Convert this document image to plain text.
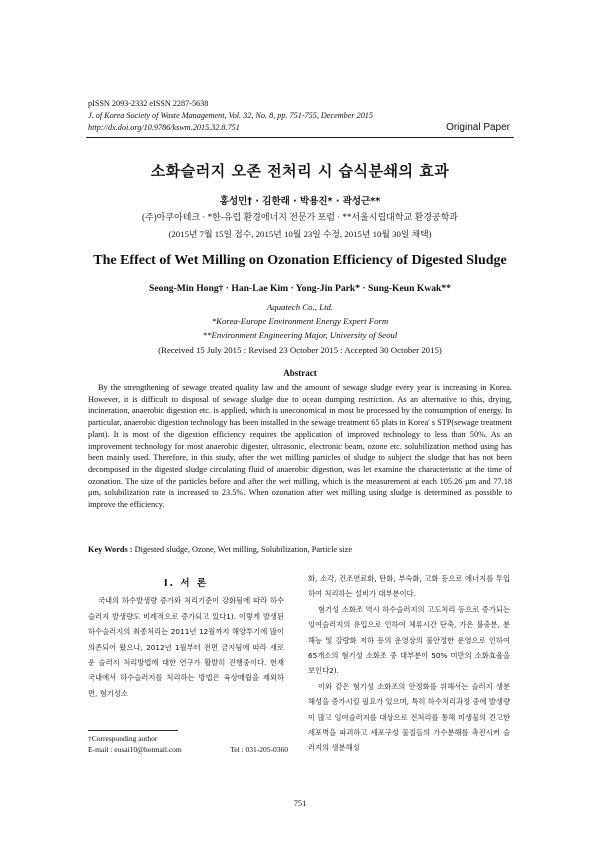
pISSN 2093-2332 eISSN 2287-5638
J. of Korea Society of Waste Management, Vol. 32, No. 8, pp. 751-755, December 2015
http://dx.doi.org/10.9786/kswm.2015.32.8.751	Original Paper
소화슬러지 오존 전처리 시 습식분쇄의 효과
홍성민† · 김한래 · 박용진* · 곽성근**
(주)아쿠아테크 · *한-유럽 환경에너지 전문가 포럼 · **서울시립대학교 환경공학과
(2015년 7월 15일 접수, 2015년 10월 23일 수정, 2015년 10월 30일 채택)
The Effect of Wet Milling on Ozonation Efficiency of Digested Sludge
Seong-Min Hong† · Han-Lae Kim · Yong-Jin Park* · Sung-Keun Kwak**
Aquatech Co., Ltd.
*Korea-Europe Environment Energy Expert Form
**Environment Engineering Major, University of Seoul
(Received 15 July 2015 : Revised 23 October 2015 : Accepted 30 October 2015)
Abstract
By the strengthening of sewage treated quality law and the amount of sewage sludge every year is increasing in Korea. However, it is difficult to disposal of sewage sludge due to ocean dumping restriction. As an alternative to this, drying, incineration, anaerobic digestion etc. is applied, which is uneconomical in most be processed by the consumption of energy. In particular, anaerobic digestion technology has been installed in the sewage treatment 65 plats in Korea' s STP(sewage treatment plant). It is most of the digestion efficiency requires the application of improved technology to less than 50%. As an improvement technology for most anaerobic digester, ultrasonic, electronic beam, ozone etc. solubilization method using has been mainly used. Therefore, in this study, after the wet milling particles of sludge to subject the sludge that has not been decomposed in the digested sludge circulating fluid of anaerobic digestion, was let examine the characteristic at the time of ozonation. The size of the particles before and after the wet milling, which is the measurement at each 105.26 μm and 77.18 μm, solubilization rate is increased to 23.5%. When ozonation after wet milling using sludge is determined as possible to improve the efficiency.
Key Words : Digested sludge, Ozone, Wet milling, Solubilization, Particle size
I. 서 론

국내의 하수발생량 증가와 처리기준이 강화됨에 따라 하수슬러지 발생량도 비례적으로 증가되고 있다1). 이렇게 발생된 하수슬러지의 최종처리는 2011년 12월까지 해양투기에 많이 의존되어 왔으나, 2012년 1월부터 전면 금지됨에 따라 새로운 슬러지 처리방법에 대한 연구가 활발히 진행중이다. 현재 국내에서 하수슬러지를 처리하는 방법은 육상매립을 제외하면, 혐기성소

화, 소각, 건조연료화, 탄화, 부숙화, 고화 등으로 에너지를 투입하여 처리하는 설비가 대부분이다.

혐기성 소화조 역시 하수슬러지의 고도처리 등으로 증가되는 잉여슬러지의 유입으로 인하여 체류시간 단축, 가온 불충분, 분해능 및 감량화 저하 등의 운영상의 불안정한 운영으로 인하여 65개소의 혐기성 소화조 중 대부분이 50% 미만의 소화효율을 보인다2).

이와 같은 혐기성 소화조의 안정화를 위해서는 슬러지 생분해성을 증가시킬 필요가 있으며, 특히 하수처리과정 중에 발생량이 많고 잉여슬러지를 대상으로 전처리를 통해 미생물의 견고한 세포벽을 파괴하고 세포구성 물질들의 가수분해를 촉진시켜 슬러지의 생분해성

†Corresponding author
E-mail : eusai10@hotmail.com	Tel : 031-205-0360
751
